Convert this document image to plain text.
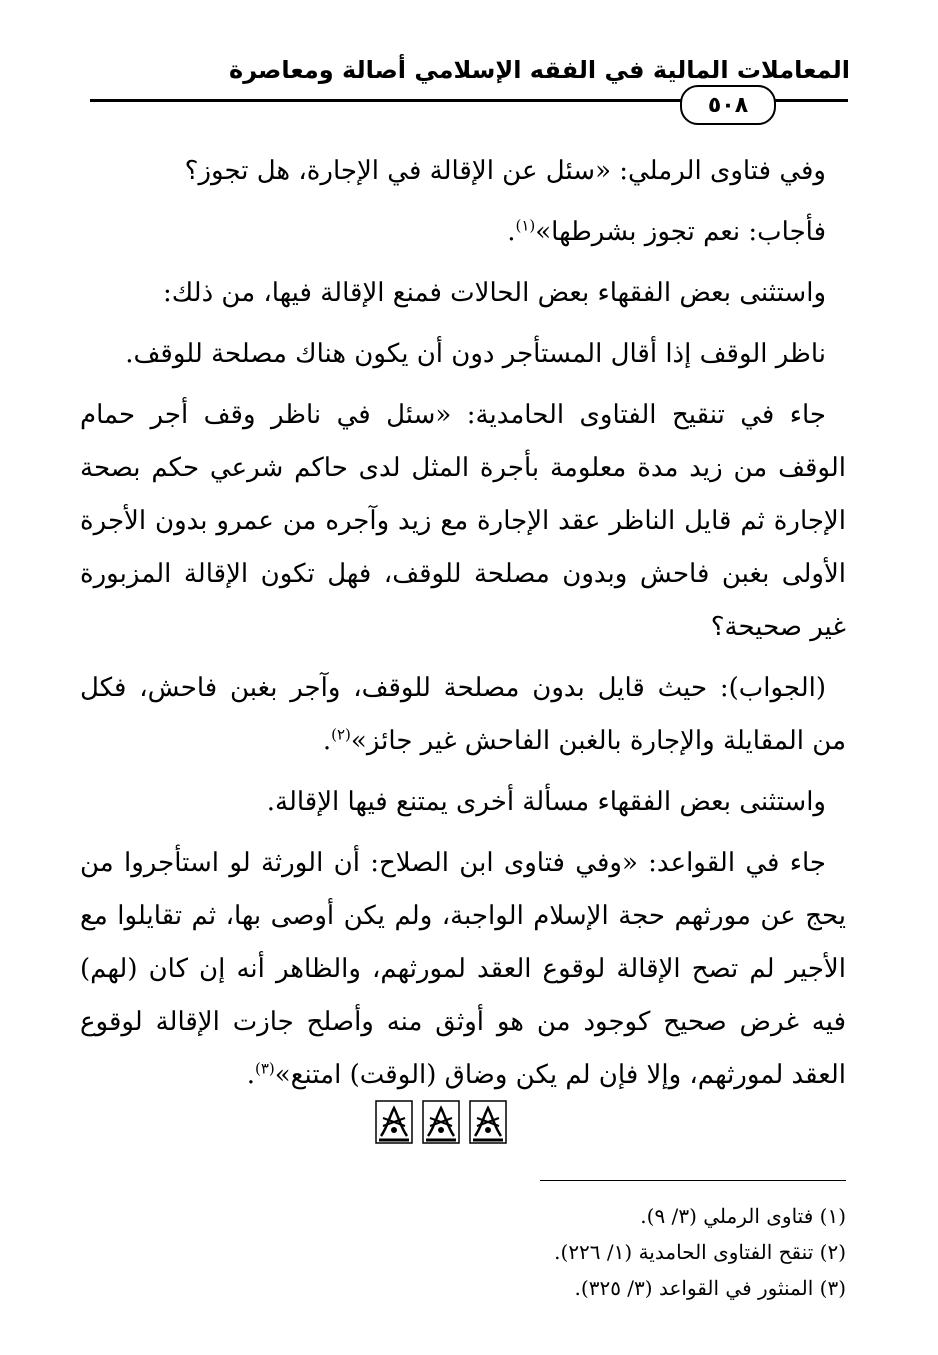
المعاملات المالية في الفقه الإسلامي أصالة ومعاصرة
٥٠٨

وفي فتاوى الرملي: «سئل عن الإقالة في الإجارة، هل تجوز؟

فأجاب: نعم تجوز بشرطها»$^{(١)}$.

واستثنى بعض الفقهاء بعض الحالات فمنع الإقالة فيها، من ذلك:

ناظر الوقف إذا أقال المستأجر دون أن يكون هناك مصلحة للوقف.

جاء في تنقيح الفتاوى الحامدية: «سئل في ناظر وقف أجر حمام الوقف من زيد مدة معلومة بأجرة المثل لدى حاكم شرعي حكم بصحة الإجارة ثم قايل الناظر عقد الإجارة مع زيد وآجره من عمرو بدون الأجرة الأولى بغبن فاحش وبدون مصلحة للوقف، فهل تكون الإقالة المزبورة غير صحيحة؟

(الجواب): حيث قايل بدون مصلحة للوقف، وآجر بغبن فاحش، فكل من المقايلة والإجارة بالغبن الفاحش غير جائز»$^{(٢)}$.

واستثنى بعض الفقهاء مسألة أخرى يمتنع فيها الإقالة.

جاء في القواعد: «وفي فتاوى ابن الصلاح: أن الورثة لو استأجروا من يحج عن مورثهم حجة الإسلام الواجبة، ولم يكن أوصى بها، ثم تقايلوا مع الأجير لم تصح الإقالة لوقوع العقد لمورثهم، والظاهر أنه إن كان (لهم) فيه غرض صحيح كوجود من هو أوثق منه وأصلح جازت الإقالة لوقوع العقد لمورثهم، وإلا فإن لم يكن وضاق (الوقت) امتنع»$^{(٣)}$.

(١) فتاوى الرملي (٣/ ٩).

(٢) تنقح الفتاوى الحامدية (١/ ٢٢٦).

(٣) المنثور في القواعد (٣/ ٣٢٥).
